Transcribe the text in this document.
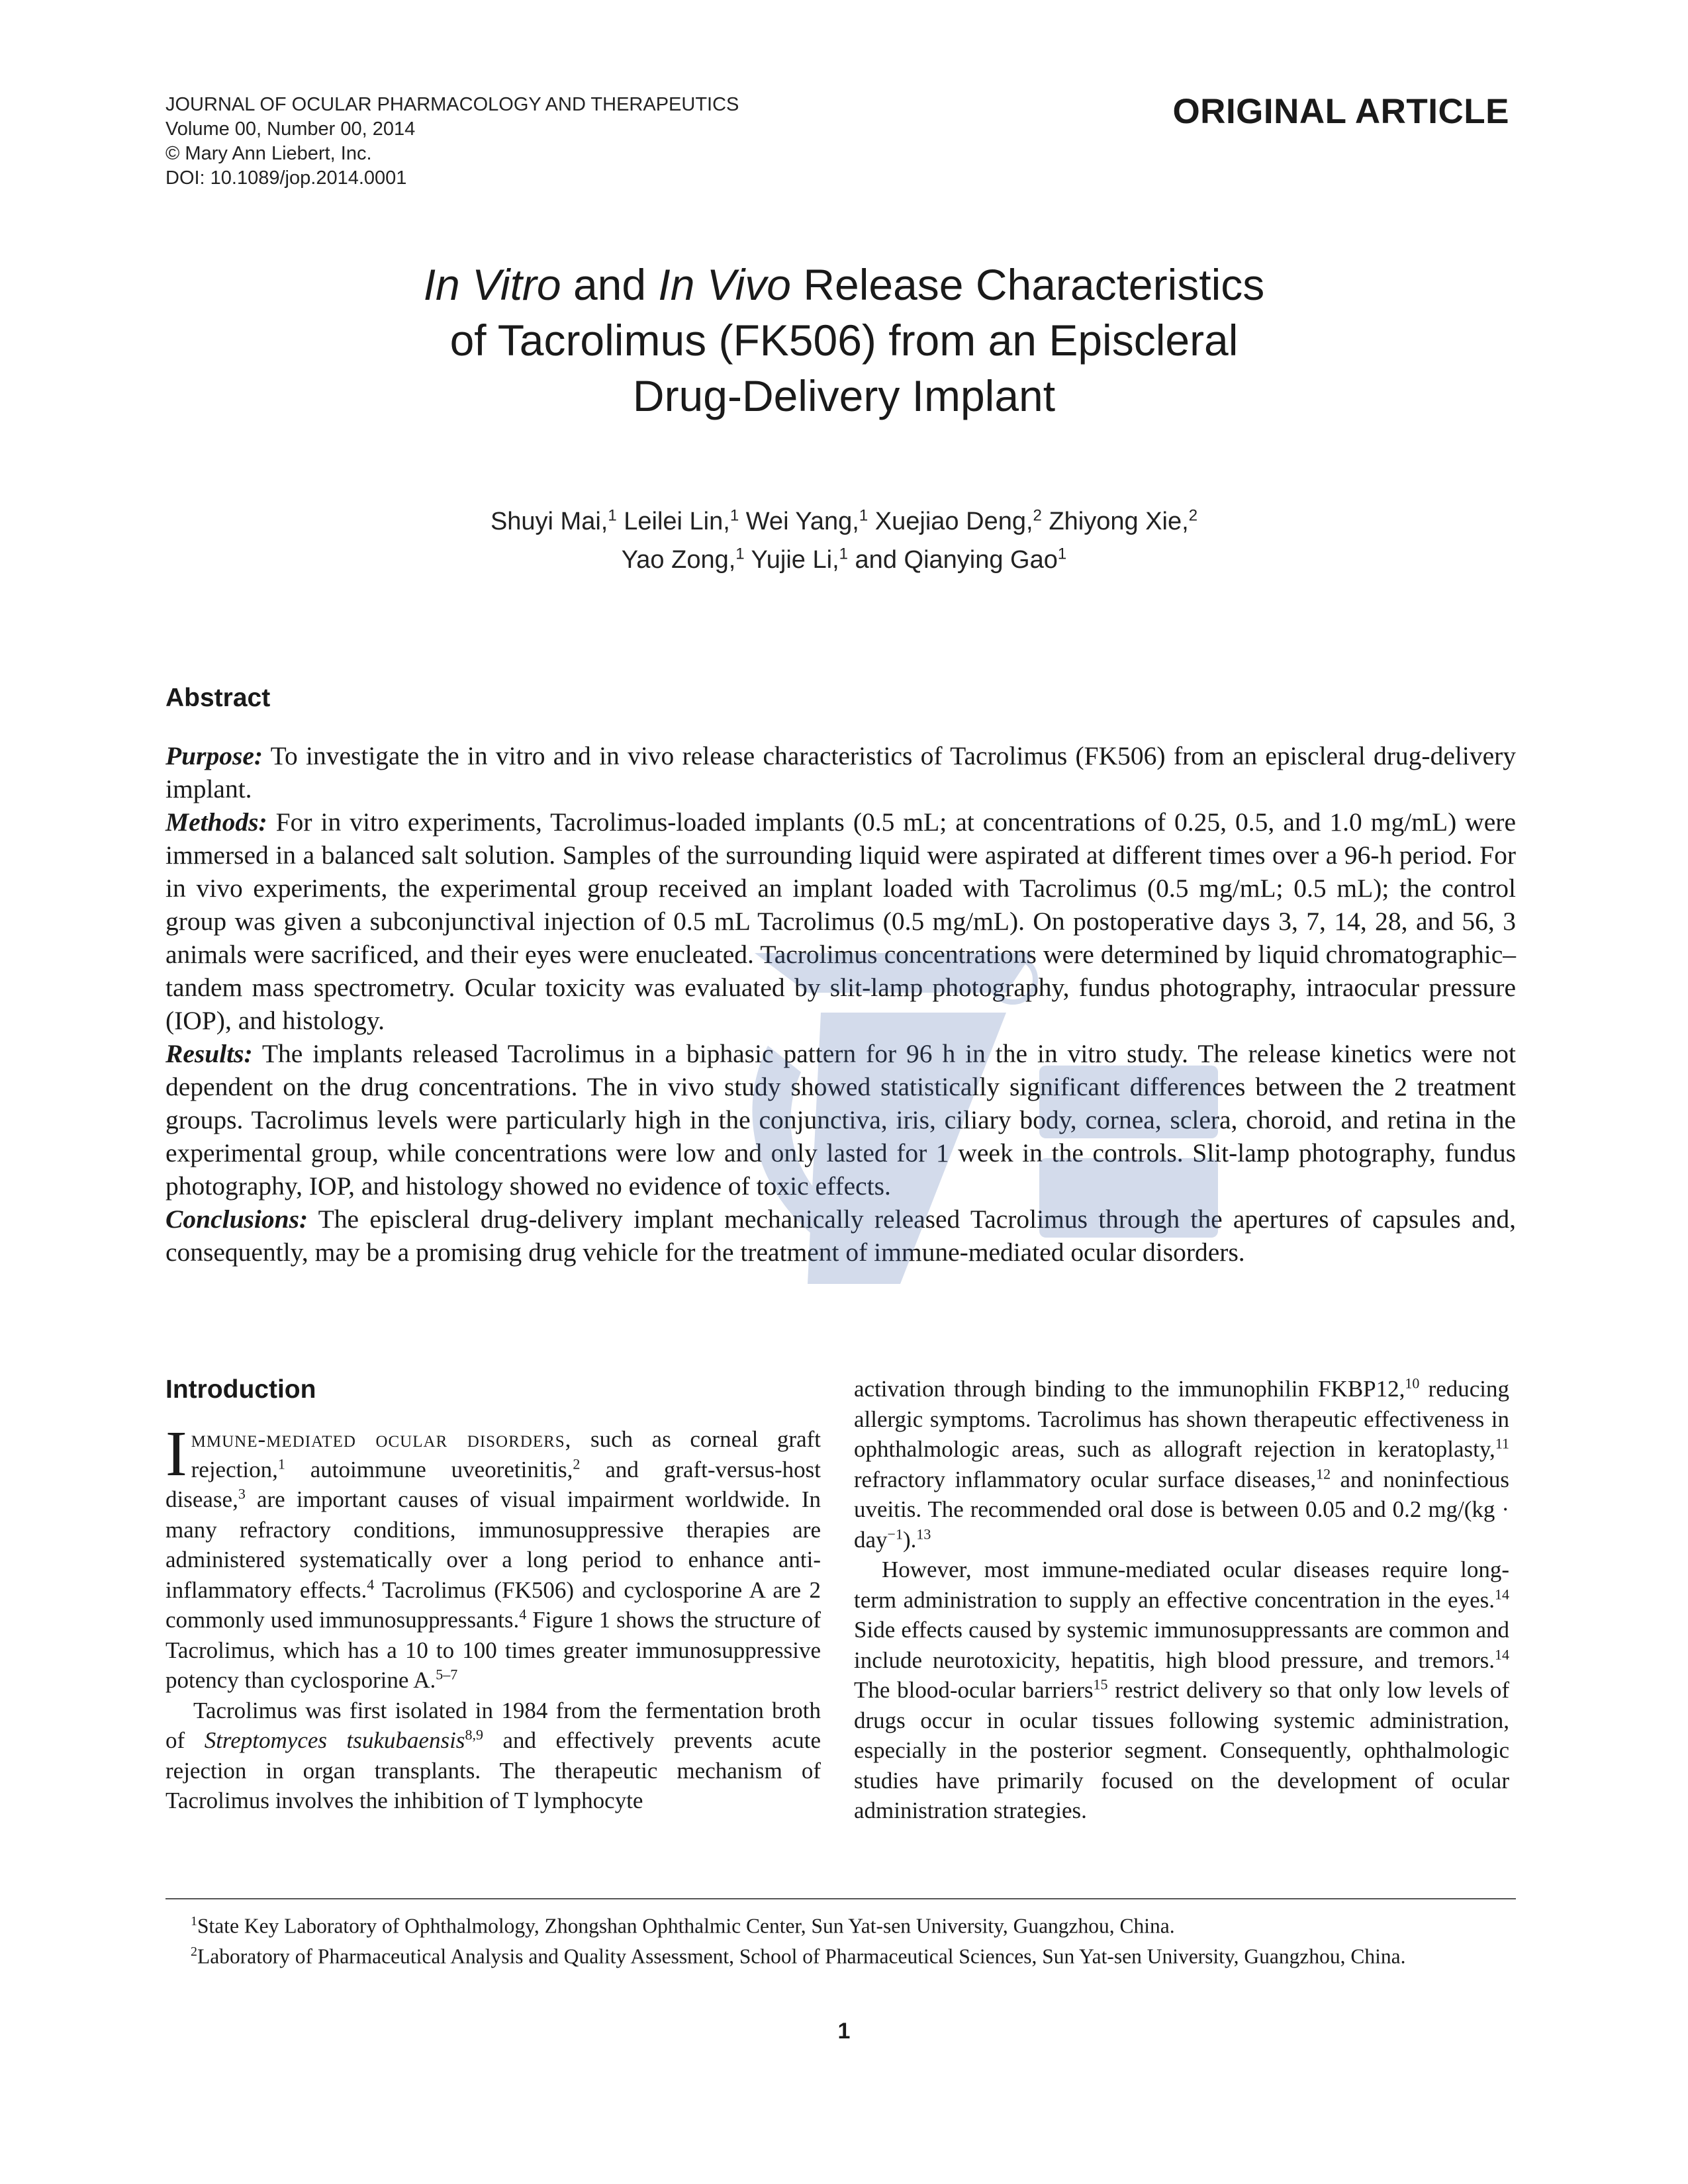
JOURNAL OF OCULAR PHARMACOLOGY AND THERAPEUTICS
Volume 00, Number 00, 2014
© Mary Ann Liebert, Inc.
DOI: 10.1089/jop.2014.0001
ORIGINAL ARTICLE
In Vitro and In Vivo Release Characteristics
of Tacrolimus (FK506) from an Episcleral
Drug-Delivery Implant
Shuyi Mai,$^1$ Leilei Lin,$^1$ Wei Yang,$^1$ Xuejiao Deng,$^2$ Zhiyong Xie,$^2$
Yao Zong,$^1$ Yujie Li,$^1$ and Qianying Gao$^1$
Abstract

Purpose: To investigate the in vitro and in vivo release characteristics of Tacrolimus (FK506) from an episcleral drug-delivery implant.

Methods: For in vitro experiments, Tacrolimus-loaded implants (0.5 mL; at concentrations of 0.25, 0.5, and 1.0 mg/mL) were immersed in a balanced salt solution. Samples of the surrounding liquid were aspirated at different times over a 96-h period. For in vivo experiments, the experimental group received an implant loaded with Tacrolimus (0.5 mg/mL; 0.5 mL); the control group was given a subconjunctival injection of 0.5 mL Tacrolimus (0.5 mg/mL). On postoperative days 3, 7, 14, 28, and 56, 3 animals were sacrificed, and their eyes were enucleated. Tacrolimus concentrations were determined by liquid chromatographic–tandem mass spectrometry. Ocular toxicity was evaluated by slit-lamp photography, fundus photography, intraocular pressure (IOP), and histology.

Results: The implants released Tacrolimus in a biphasic pattern for 96 h in the in vitro study. The release kinetics were not dependent on the drug concentrations. The in vivo study showed statistically significant differences between the 2 treatment groups. Tacrolimus levels were particularly high in the conjunctiva, iris, ciliary body, cornea, sclera, choroid, and retina in the experimental group, while concentrations were low and only lasted for 1 week in the controls. Slit-lamp photography, fundus photography, IOP, and histology showed no evidence of toxic effects.

Conclusions: The episcleral drug-delivery implant mechanically released Tacrolimus through the apertures of capsules and, consequently, may be a promising drug vehicle for the treatment of immune-mediated ocular disorders.

Introduction

Immune-mediated ocular disorders, such as corneal graft rejection,$^1$ autoimmune uveoretinitis,$^2$ and graft-versus-host disease,$^3$ are important causes of visual impairment worldwide. In many refractory conditions, immunosuppressive therapies are administered systematically over a long period to enhance anti-inflammatory effects.$^4$ Tacrolimus (FK506) and cyclosporine A are 2 commonly used immunosuppressants.$^4$ Figure 1 shows the structure of Tacrolimus, which has a 10 to 100 times greater immunosuppressive potency than cyclosporine A.$^{5-7}$

Tacrolimus was first isolated in 1984 from the fermentation broth of Streptomyces tsukubaensis$^{8,9}$ and effectively prevents acute rejection in organ transplants. The therapeutic mechanism of Tacrolimus involves the inhibition of T lymphocyte

activation through binding to the immunophilin FKBP12,10 reducing allergic symptoms. Tacrolimus has shown therapeutic effectiveness in ophthalmologic areas, such as allograft rejection in keratoplasty,$^{11}$ refractory inflammatory ocular surface diseases,$^{12}$ and noninfectious uveitis. The recommended oral dose is between 0.05 and 0.2 mg/(kg · day$^{-1}$).$^{13}$

However, most immune-mediated ocular diseases require long-term administration to supply an effective concentration in the eyes.$^{14}$ Side effects caused by systemic immunosuppressants are common and include neurotoxicity, hepatitis, high blood pressure, and tremors.$^{14}$ The blood-ocular barriers$^{15}$ restrict delivery so that only low levels of drugs occur in ocular tissues following systemic administration, especially in the posterior segment. Consequently, ophthalmologic studies have primarily focused on the development of ocular administration strategies.

$^1$State Key Laboratory of Ophthalmology, Zhongshan Ophthalmic Center, Sun Yat-sen University, Guangzhou, China.

$^2$Laboratory of Pharmaceutical Analysis and Quality Assessment, School of Pharmaceutical Sciences, Sun Yat-sen University, Guangzhou, China.

1
